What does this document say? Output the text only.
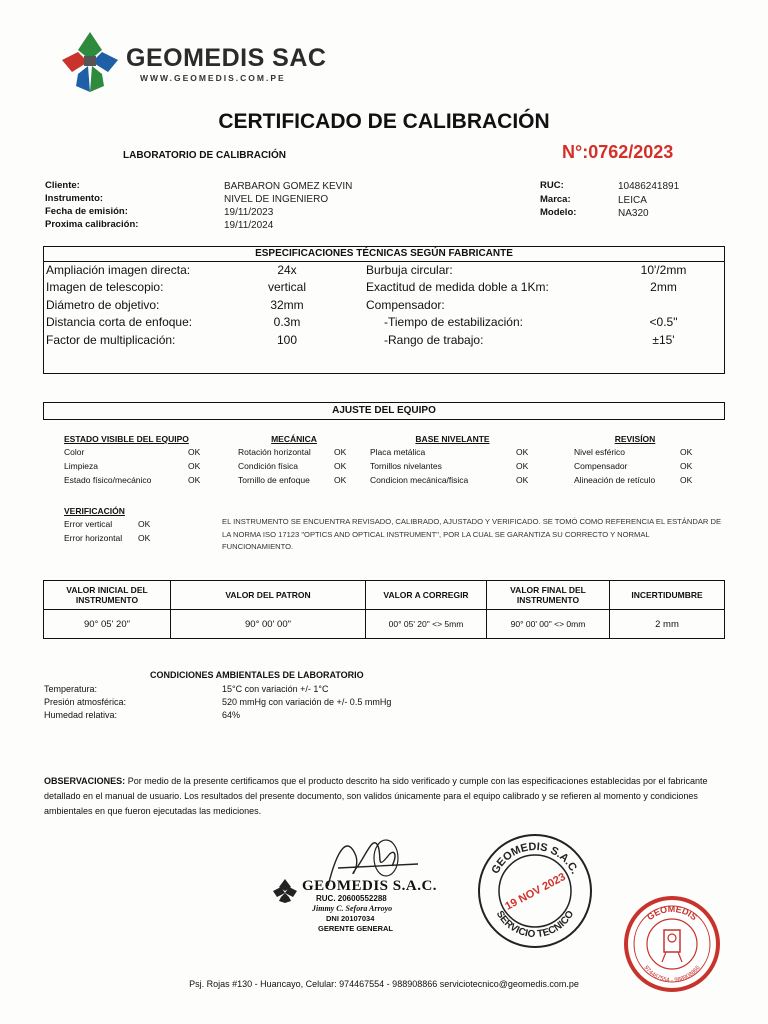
GEOMEDIS SAC
WWW.GEOMEDIS.COM.PE
CERTIFICADO DE CALIBRACIÓN
LABORATORIO DE CALIBRACIÓN	N°:0762/2023
Cliente:	BARBARON GOMEZ KEVIN
Instrumento:	NIVEL DE INGENIERO
Fecha de emisión:	19/11/2023
Proxima calibración:	19/11/2024
RUC:	10486241891
Marca:	LEICA
Modelo:	NA320
ESPECIFICACIONES TÉCNICAS SEGÚN FABRICANTE
Ampliación imagen directa:	24x
Imagen de telescopio:	vertical
Diámetro de objetivo:	32mm
Distancia corta de enfoque:	0.3m
Factor de multiplicación:	100
Burbuja circular:	10'/2mm
Exactitud de medida doble a 1Km:	2mm
Compensador:
-Tiempo de estabilización:	<0.5"
-Rango de trabajo:	±15'
AJUSTE DEL EQUIPO
ESTADO VISIBLE DEL EQUIPO
Color	OK
Limpieza	OK
Estado físico/mecánico	OK
MECÁNICA
Rotación horizontal	OK
Condición física	OK
Tornillo de enfoque	OK
BASE NIVELANTE
Placa metálica	OK
Tornillos nivelantes	OK
Condicion mecánica/fisica	OK
REVISÍON
Nivel esférico	OK
Compensador	OK
Alineación de retículo	OK
VERIFICACIÓN
Error vertical	OK
Error horizontal OK
EL INSTRUMENTO SE ENCUENTRA REVISADO, CALIBRADO, AJUSTADO Y VERIFICADO. SE TOMÓ COMO REFERENCIA EL ESTÁNDAR DE LA NORMA ISO 17123 "OPTICS AND OPTICAL INSTRUMENT", POR LA CUAL SE GARANTIZA SU CORRECTO Y NORMAL FUNCIONAMIENTO.
VALOR INICIAL DEL INSTRUMENTO	VALOR DEL PATRON	VALOR A CORREGIR	VALOR FINAL DEL INSTRUMENTO	INCERTIDUMBRE
90° 05' 20"	90° 00' 00"	00° 05' 20" <> 5mm	90° 00' 00" <> 0mm	2 mm
CONDICIONES AMBIENTALES DE LABORATORIO
Temperatura:	15°C con variación +/- 1°C
Presión atmosférica:	520 mmHg con variación de +/- 0.5 mmHg
Humedad relativa:	64%
OBSERVACIONES: Por medio de la presente certificamos que el producto descrito ha sido verificado y cumple con las especificaciones establecidas por el fabricante detallado en el manual de usuario. Los resultados del presente documento, son validos únicamente para el equipo calibrado y se refieren al momento y condiciones ambientales en que fueron ejecutadas las mediciones.
GEOMEDIS S.A.C.
RUC. 20600552288
Jimmy C. Sefora Arroyo
DNI 20107034
GERENTE GENERAL
GEOMEDIS S.A.C.
SERVICIO TECNICO
19 NOV 2023
GEOMEDIS
974467554 - 988908866
Psj. Rojas #130 - Huancayo, Celular: 974467554 - 988908866 serviciotecnico@geomedis.com.pe
